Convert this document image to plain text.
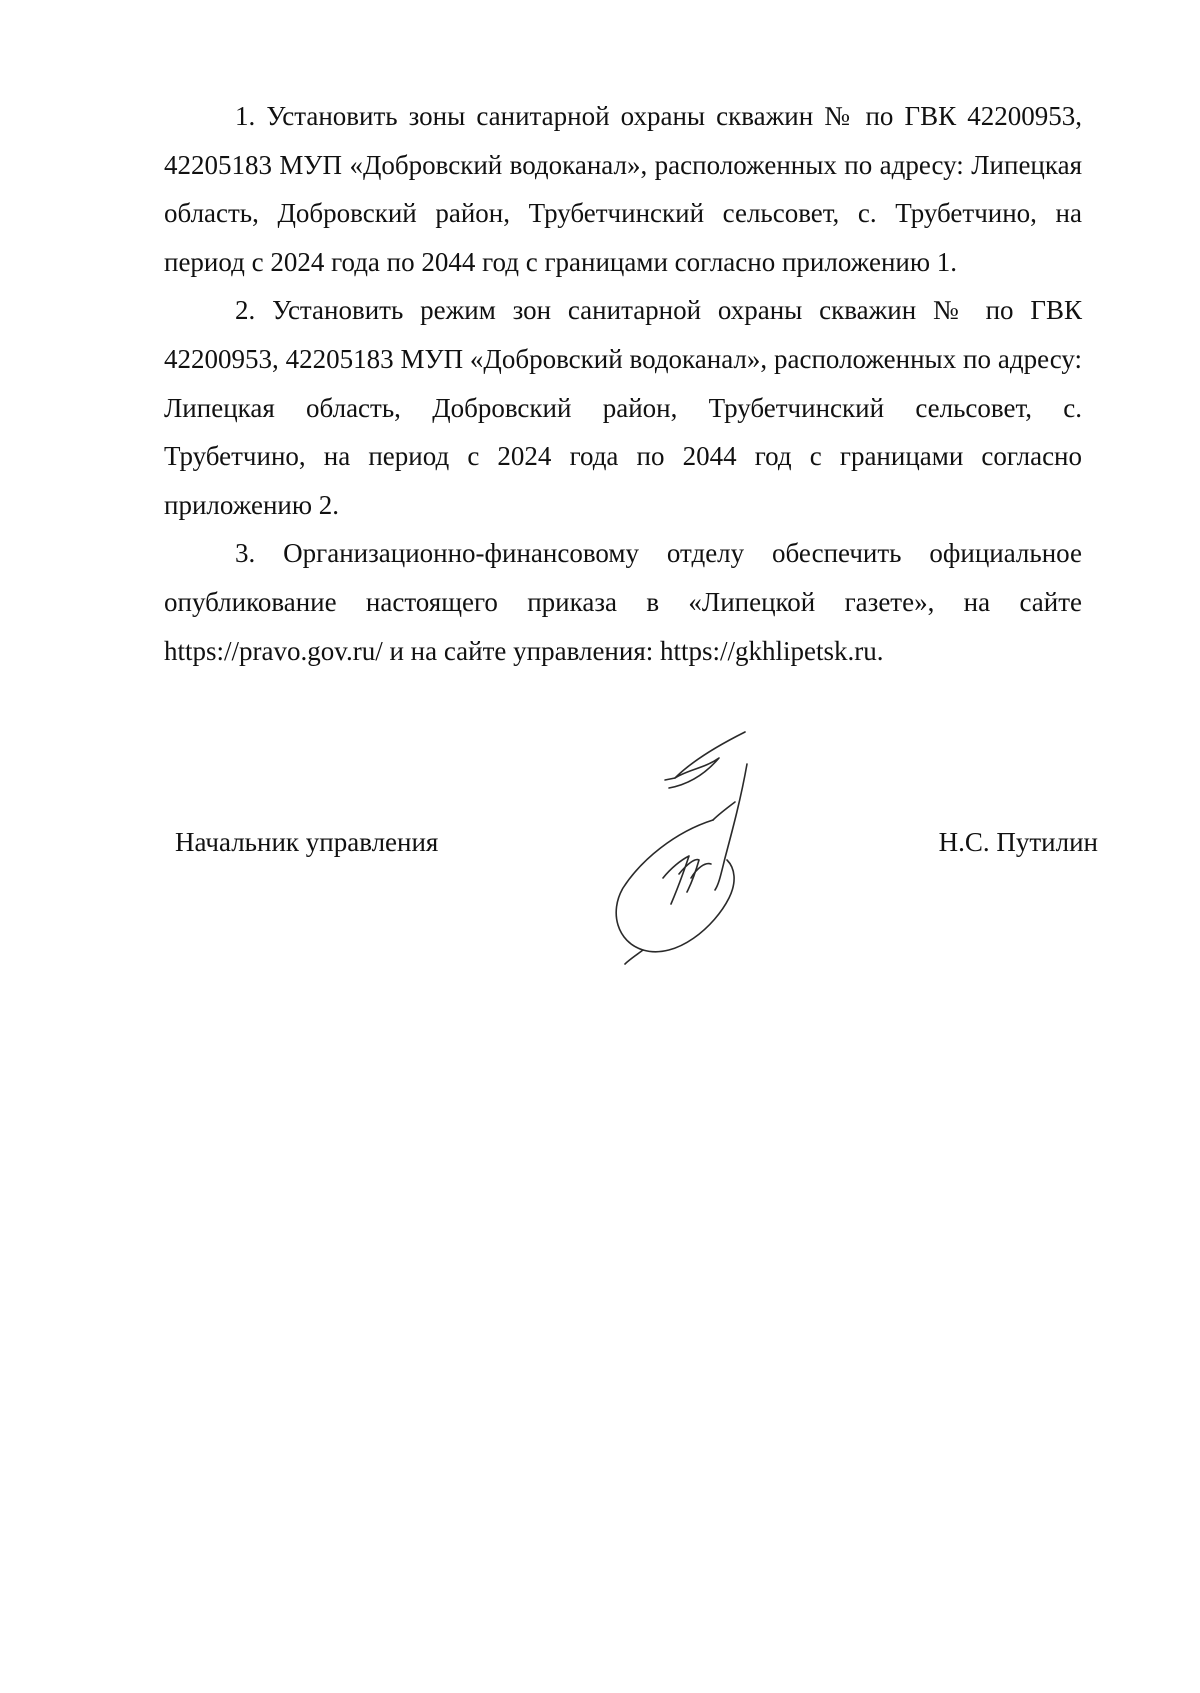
1. Установить зоны санитарной охраны скважин № по ГВК 42200953, 42205183 МУП «Добровский водоканал», расположенных по адресу: Липецкая область, Добровский район, Трубетчинский сельсовет, с. Трубетчино, на период с 2024 года по 2044 год с границами согласно приложению 1.

2. Установить режим зон санитарной охраны скважин № по ГВК 42200953, 42205183 МУП «Добровский водоканал», расположенных по адресу: Липецкая область, Добровский район, Трубетчинский сельсовет, с. Трубетчино, на период с 2024 года по 2044 год с границами согласно приложению 2.

3. Организационно-финансовому отделу обеспечить официальное опубликование настоящего приказа в «Липецкой газете», на сайте https://pravo.gov.ru/ и на сайте управления: https://gkhlipetsk.ru.

Начальник управления	Н.С. Путилин
